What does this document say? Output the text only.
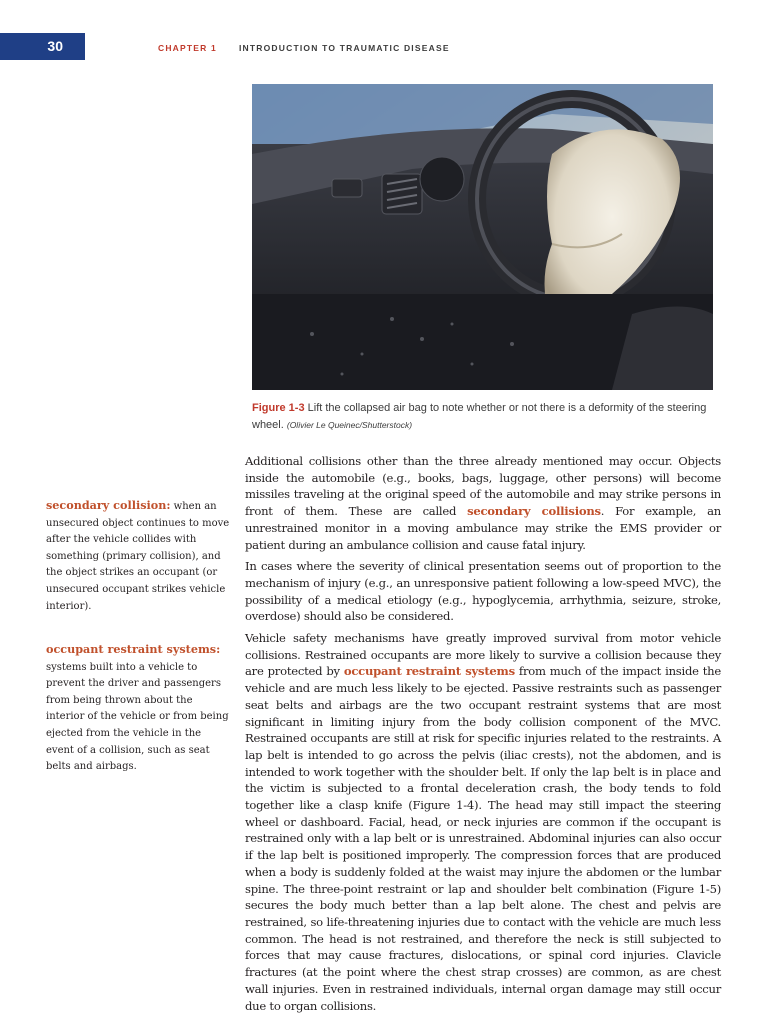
30	CHAPTER 1	INTRODUCTION TO TRAUMATIC DISEASE
Figure 1-3 Lift the collapsed air bag to note whether or not there is a deformity of the steering wheel. (Olivier Le Queinec/Shutterstock)
secondary collision: when an unsecured object continues to move after the vehicle collides with something (primary collision), and the object strikes an occupant (or unsecured occupant strikes vehicle interior).
occupant restraint systems: systems built into a vehicle to prevent the driver and passengers from being thrown about the interior of the vehicle or from being ejected from the vehicle in the event of a collision, such as seat belts and airbags.

Additional collisions other than the three already mentioned may occur. Objects inside the automobile (e.g., books, bags, luggage, other persons) will become missiles traveling at the original speed of the automobile and may strike persons in front of them. These are called secondary collisions. For example, an unrestrained monitor in a moving ambulance may strike the EMS provider or patient during an ambulance collision and cause fatal injury.

In cases where the severity of clinical presentation seems out of proportion to the mechanism of injury (e.g., an unresponsive patient following a low-speed MVC), the possibility of a medical etiology (e.g., hypoglycemia, arrhythmia, seizure, stroke, overdose) should also be considered.

Vehicle safety mechanisms have greatly improved survival from motor vehicle collisions. Restrained occupants are more likely to survive a collision because they are protected by occupant restraint systems from much of the impact inside the vehicle and are much less likely to be ejected. Passive restraints such as passenger seat belts and airbags are the two occupant restraint systems that are most significant in limiting injury from the body collision component of the MVC. Restrained occupants are still at risk for specific injuries related to the restraints. A lap belt is intended to go across the pelvis (iliac crests), not the abdomen, and is intended to work together with the shoulder belt. If only the lap belt is in place and the victim is subjected to a frontal deceleration crash, the body tends to fold together like a clasp knife (Figure 1-4). The head may still impact the steering wheel or dashboard. Facial, head, or neck injuries are common if the occupant is restrained only with a lap belt or is unrestrained. Abdominal injuries can also occur if the lap belt is positioned improperly. The compression forces that are produced when a body is suddenly folded at the waist may injure the abdomen or the lumbar spine. The three-point restraint or lap and shoulder belt combination (Figure 1-5) secures the body much better than a lap belt alone. The chest and pelvis are restrained, so life-threatening injuries due to contact with the vehicle are much less common. The head is not restrained, and therefore the neck is still subjected to forces that may cause fractures, dislocations, or spinal cord injuries. Clavicle fractures (at the point where the chest strap crosses) are common, as are chest wall injuries. Even in restrained individuals, internal organ damage may still occur due to organ collisions.
